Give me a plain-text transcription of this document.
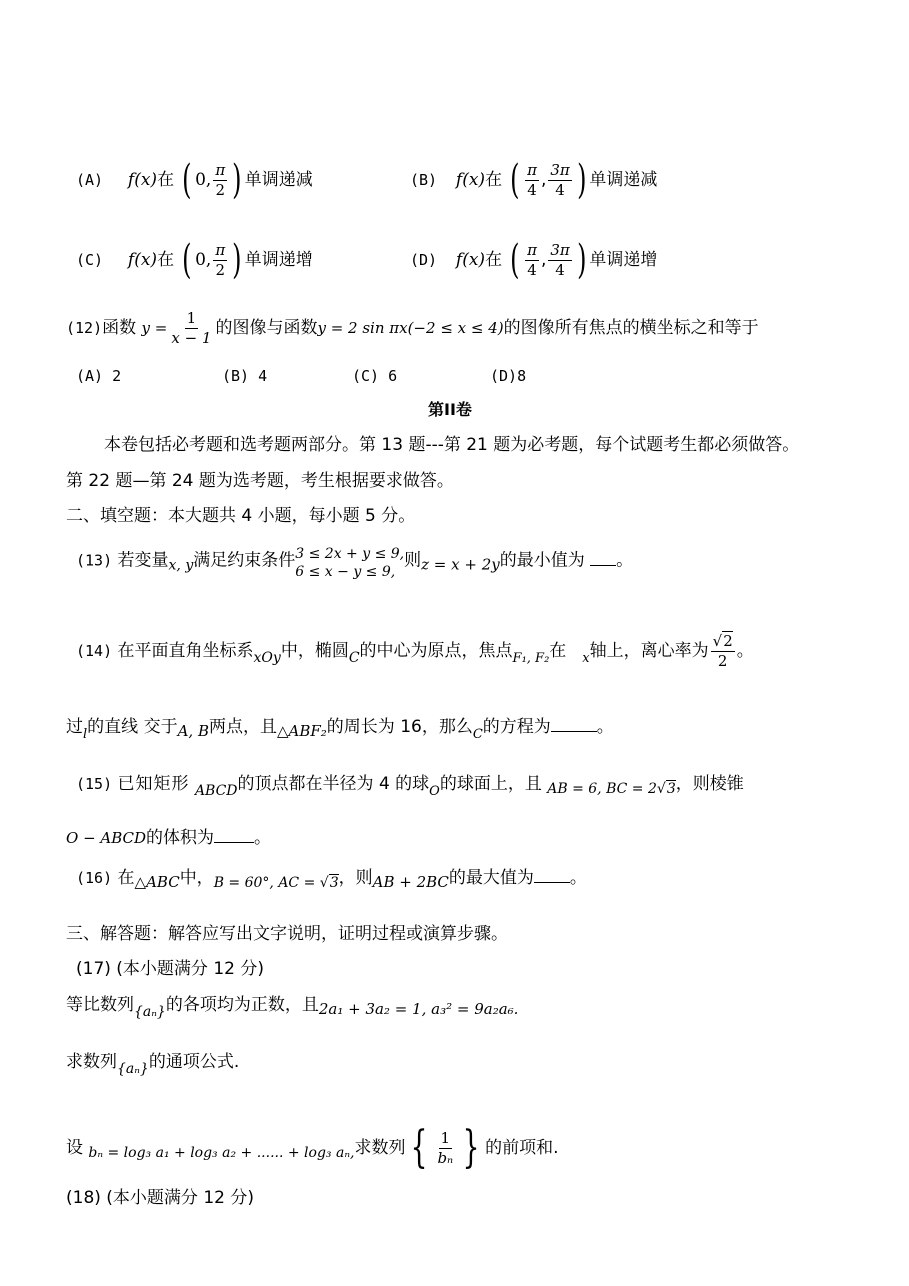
(A) f(x)在 ( 0, $\frac{\pi}{2}$ ) 单调递减	(B) f(x)在 ( $\frac{\pi}{4}$ , $\frac{3\pi}{4}$ ) 单调递减
(C) f(x)在 ( 0, $\frac{\pi}{2}$ ) 单调递增	(D) f(x)在 ( $\frac{\pi}{4}$ , $\frac{3\pi}{4}$ ) 单调递增
(12)函数 $y = \frac{1}{x - 1}$ 的图像与函数y = 2 sin πx(−2 ≤ x ≤ 4)的图像所有焦点的横坐标之和等于
(A) 2	(B) 4	(C) 6	(D)8
第II卷
本卷包括必考题和选考题两部分。第 13 题---第 21 题为必考题，每个试题考生都必须做答。
第 22 题—第 24 题为选考题，考生根据要求做答。
二、填空题：本大题共 4 小题，每小题 5 分。
(13) 若变量$_{x, y}$满足约束条件 3 ≤ 2x + y ≤ 9,
6 ≤ x − y ≤ 9,
则z = x + 2y的最小值为 。
(14) 在平面直角坐标系$_{xOy}$中，椭圆$_C$的中心为原点，焦点$_{F_1, F_2}$在 $_x$轴上，离心率为 $\frac{√2}{2}$ 。
过$_l$的直线 交于A, B两点，且△ABF₂的周长为 16，那么$_C$的方程为	。
(15) 已知矩形 $_{ABCD}$的顶点都在半径为 4 的球$_O$的球面上，且 $_{AB = 6, BC = 2√3}$，则棱锥
O − ABCD的体积为 。
(16) 在△ABC中，$_{B = 60^\circ, AC = √3}$，则AB + 2BC的最大值为 。
三、解答题：解答应写出文字说明，证明过程或演算步骤。
(17) (本小题满分 12 分)
等比数列$_{\{a_n\}}$的各项均为正数，且2a₁ + 3a₂ = 1, a₃² = 9a₂a₆.
求数列$_{\{a_n\}}$的通项公式.
设 $_{b_n = log_3 a_1 + log_3 a_2 + ...... + log_3 a_n,}$求数列 { $\frac{1}{\text{bₙ}}$ } 的前项和.
(18) (本小题满分 12 分)
